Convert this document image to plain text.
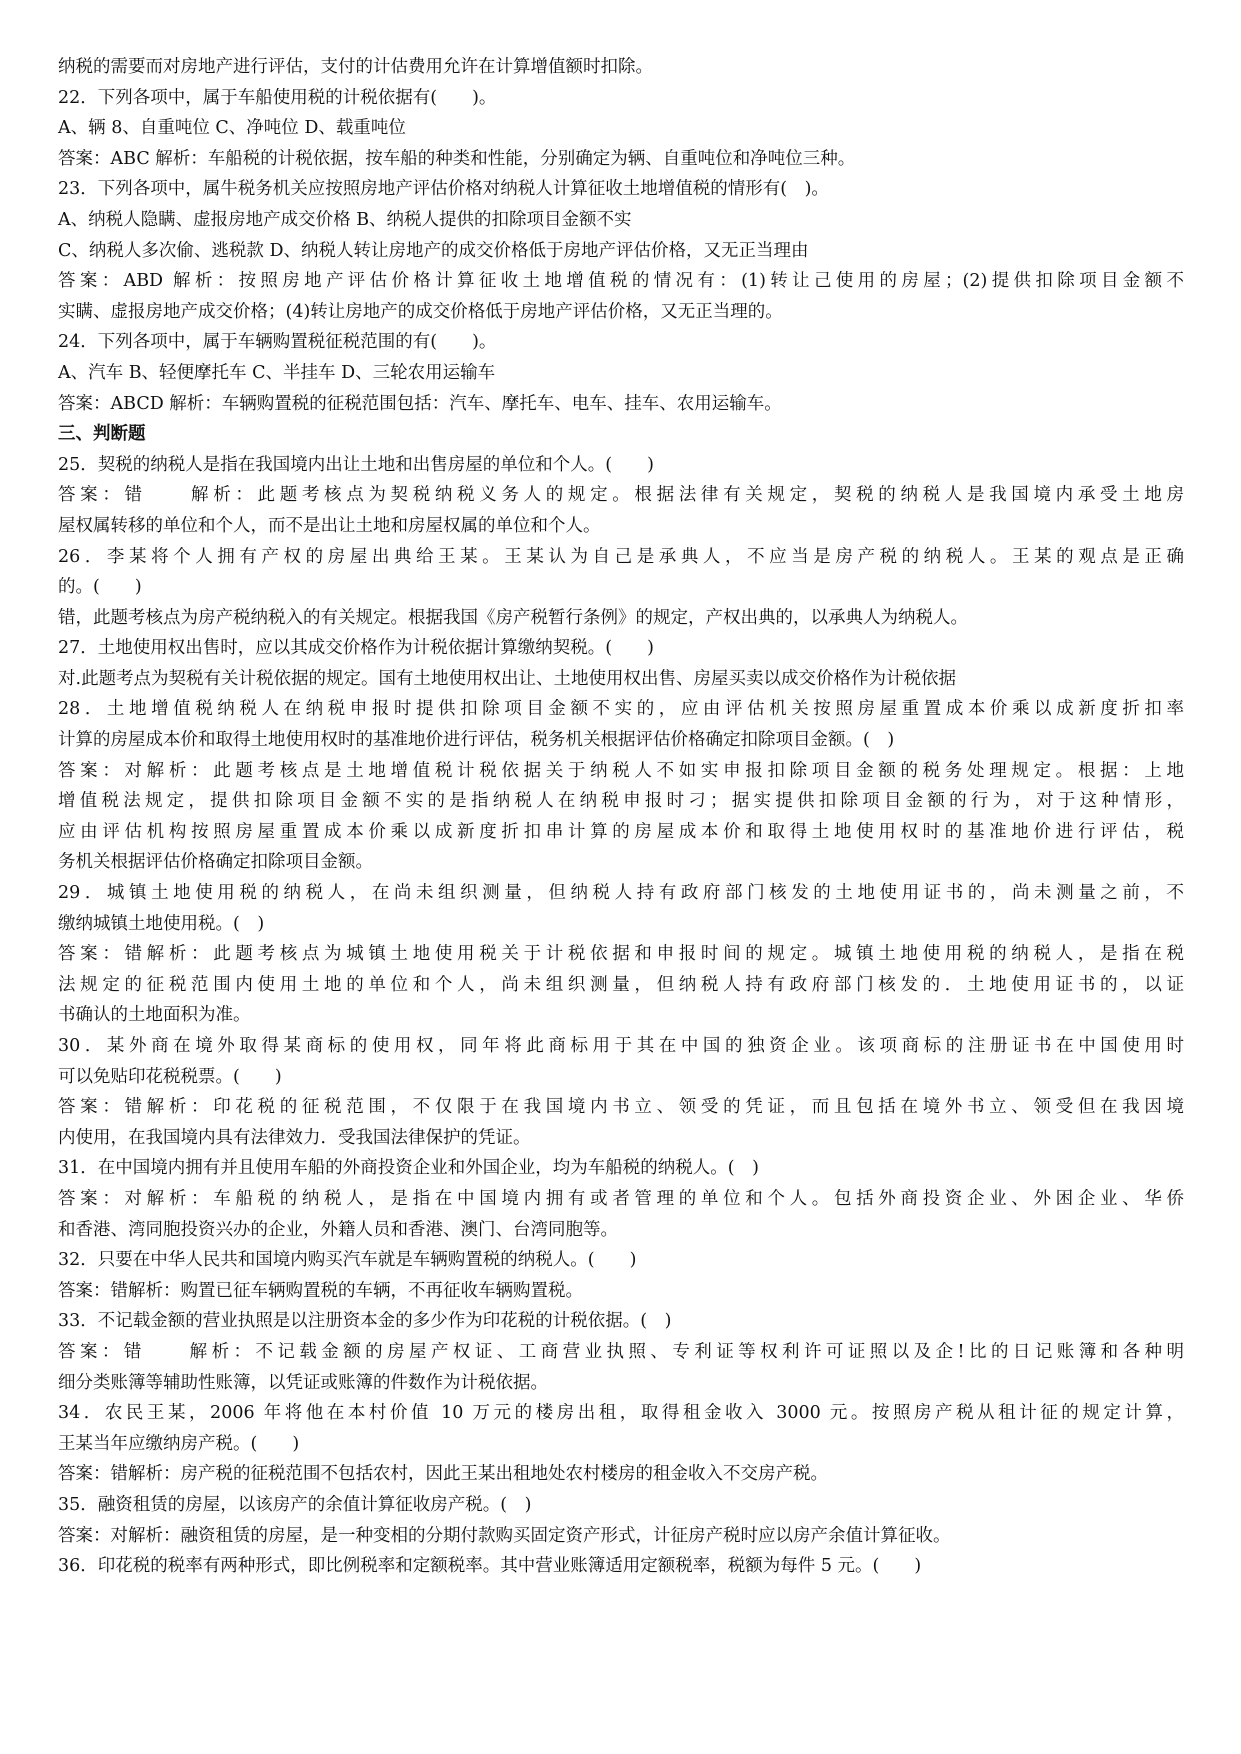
纳税的需要而对房地产进行评估，支付的计估费用允许在计算增值额时扣除。
22．下列各项中，属于车船使用税的计税依据有(　　)。
A、辆 8、自重吨位 C、净吨位 D、载重吨位
答案：ABC 解析：车船税的计税依据，按车船的种类和性能，分别确定为辆、自重吨位和净吨位三种。
23．下列各项中，属牛税务机关应按照房地产评估价格对纳税人计算征收土地增值税的情形有(　)。
A、纳税人隐瞒、虚报房地产成交价格 B、纳税人提供的扣除项目金额不实
C、纳税人多次偷、逃税款 D、纳税人转让房地产的成交价格低于房地产评估价格，又无正当理由
答案：ABD 解析：按照房地产评估价格计算征收土地增值税的情况有：(1)转让己使用的房屋；(2)提供扣除项目金额不
实瞒、虚报房地产成交价格；(4)转让房地产的成交价格低于房地产评估价格，又无正当理的。
24．下列各项中，属于车辆购置税征税范围的有(　　)。
A、汽车 B、轻便摩托车 C、半挂车 D、三轮农用运输车
答案：ABCD 解析：车辆购置税的征税范围包括：汽车、摩托车、电车、挂车、农用运输车。
三、判断题
25．契税的纳税人是指在我国境内出让土地和出售房屋的单位和个人。(　　)
答案：错　　解析：此题考核点为契税纳税义务人的规定。根据法律有关规定，契税的纳税人是我国境内承受土地房
屋权属转移的单位和个人，而不是出让土地和房屋权属的单位和个人。
26．李某将个人拥有产权的房屋出典给王某。王某认为自己是承典人，不应当是房产税的纳税人。王某的观点是正确
的。(　　)
错，此题考核点为房产税纳税入的有关规定。根据我国《房产税暂行条例》的规定，产权出典的，以承典人为纳税人。
27．土地使用权出售时，应以其成交价格作为计税依据计算缴纳契税。(　　)
对.此题考点为契税有关计税依据的规定。国有土地使用权出让、土地使用权出售、房屋买卖以成交价格作为计税依据
28．土地增值税纳税人在纳税申报时提供扣除项目金额不实的，应由评估机关按照房屋重置成本价乘以成新度折扣率
计算的房屋成本价和取得土地使用权时的基准地价进行评估，税务机关根据评估价格确定扣除项目金额。(　)
答案：对解析：此题考核点是土地增值税计税依据关于纳税人不如实申报扣除项目金额的税务处理规定。根据：上地
增值税法规定，提供扣除项目金额不实的是指纳税人在纳税申报时刁；据实提供扣除项目金额的行为，对于这种情形，
应由评估机构按照房屋重置成本价乘以成新度折扣串计算的房屋成本价和取得土地使用权时的基准地价进行评估，税
务机关根据评估价格确定扣除项目金额。
29．城镇土地使用税的纳税人，在尚未组织测量，但纳税人持有政府部门核发的土地使用证书的，尚未测量之前，不
缴纳城镇土地使用税。(　)
答案：错解析：此题考核点为城镇土地使用税关于计税依据和申报时间的规定。城镇土地使用税的纳税人，是指在税
法规定的征税范围内使用土地的单位和个人，尚未组织测量，但纳税人持有政府部门核发的．土地使用证书的，以证
书确认的土地面积为准。
30．某外商在境外取得某商标的使用权，同年将此商标用于其在中国的独资企业。该项商标的注册证书在中国使用时
可以免贴印花税税票。(　　)
答案：错解析：印花税的征税范围，不仅限于在我国境内书立、领受的凭证，而且包括在境外书立、领受但在我因境
内使用，在我国境内具有法律效力．受我国法律保护的凭证。
31．在中国境内拥有并且使用车船的外商投资企业和外国企业，均为车船税的纳税人。(　)
答案：对解析：车船税的纳税人，是指在中国境内拥有或者管理的单位和个人。包括外商投资企业、外困企业、华侨
和香港、湾同胞投资兴办的企业，外籍人员和香港、澳门、台湾同胞等。
32．只要在中华人民共和国境内购买汽车就是车辆购置税的纳税人。(　　)
答案：错解析：购置已征车辆购置税的车辆，不再征收车辆购置税。
33．不记载金额的营业执照是以注册资本金的多少作为印花税的计税依据。(　)
答案：错　　解析：不记载金额的房屋产权证、工商营业执照、专利证等权利许可证照以及企!比的日记账簿和各种明
细分类账簿等辅助性账簿，以凭证或账簿的件数作为计税依据。
34．农民王某，2006 年将他在本村价值 10 万元的楼房出租，取得租金收入 3000 元。按照房产税从租计征的规定计算，
王某当年应缴纳房产税。(　　)
答案：错解析：房产税的征税范围不包括农村，因此王某出租地处农村楼房的租金收入不交房产税。
35．融资租赁的房屋，以该房产的余值计算征收房产税。(　)
答案：对解析：融资租赁的房屋，是一种变相的分期付款购买固定资产形式，计征房产税时应以房产余值计算征收。
36．印花税的税率有两种形式，即比例税率和定额税率。其中营业账簿适用定额税率，税额为每件 5 元。(　　)
